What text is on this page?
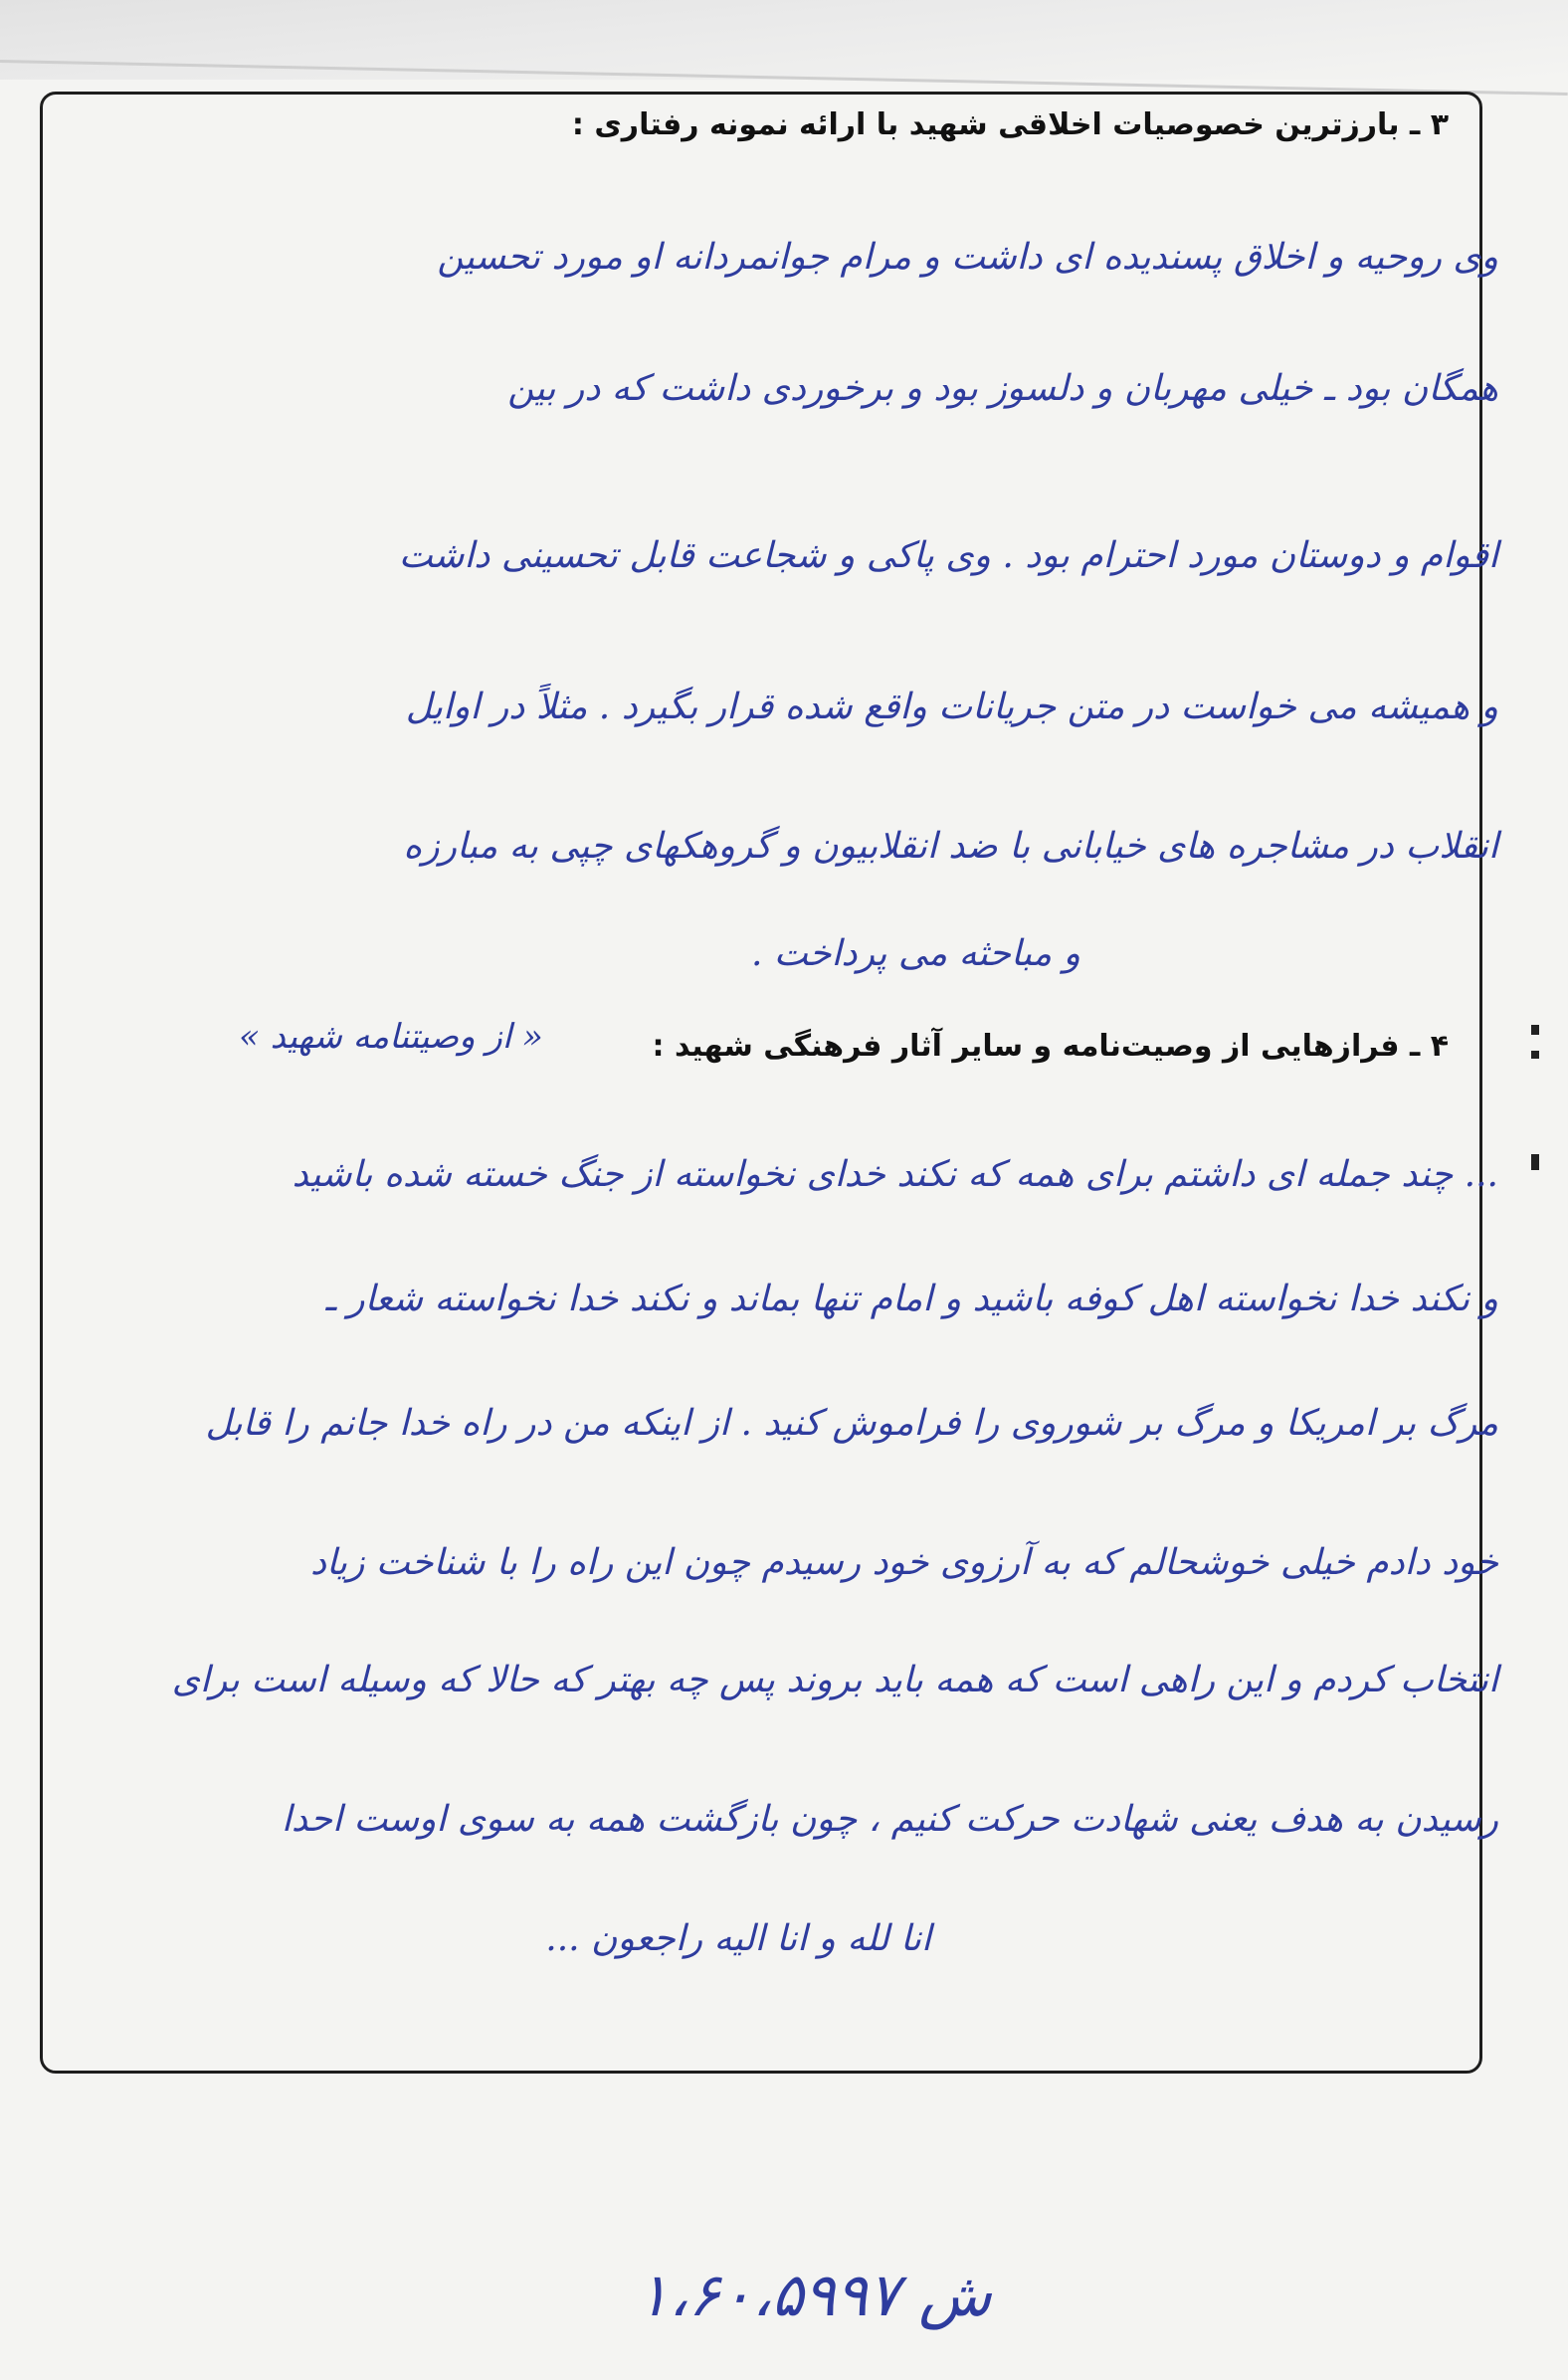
۳ ـ بارزترین خصوصیات اخلاقی شهید با ارائه نمونه رفتاری :
وی روحیه و اخلاق پسندیده ای داشت و مرام جوانمردانه او مورد تحسین
همگان بود ـ خیلی مهربان و دلسوز بود و برخوردی داشت که در بین
اقوام و دوستان مورد احترام بود . وی پاکی و شجاعت قابل تحسینی داشت
و همیشه می خواست در متن جریانات واقع شده قرار بگیرد . مثلاً در اوایل
انقلاب در مشاجره های خیابانی با ضد انقلابیون و گروهکهای چپی به مبارزه
و مباحثه می پرداخت .
۴ ـ فرازهایی از وصیت‌نامه و سایر آثار فرهنگی شهید :
« از وصیتنامه شهید »
... چند جمله ای داشتم برای همه که نکند خدای نخواسته از جنگ خسته شده باشید
و نکند خدا نخواسته اهل کوفه باشید و امام تنها بماند و نکند خدا نخواسته شعار ـ
مرگ بر امریکا و مرگ بر شوروی را فراموش کنید . از اینکه من در راه خدا جانم را قابل
خود دادم خیلی خوشحالم که به آرزوی خود رسیدم چون این راه را با شناخت زیاد
انتخاب کردم و این راهی است که همه باید بروند پس چه بهتر که حالا که وسیله است برای
رسیدن به هدف یعنی شهادت حرکت کنیم ، چون بازگشت همه به سوی اوست احدا
انا لله و انا الیه راجعون ...
ش ۱،۶۰،۵۹۹۷
